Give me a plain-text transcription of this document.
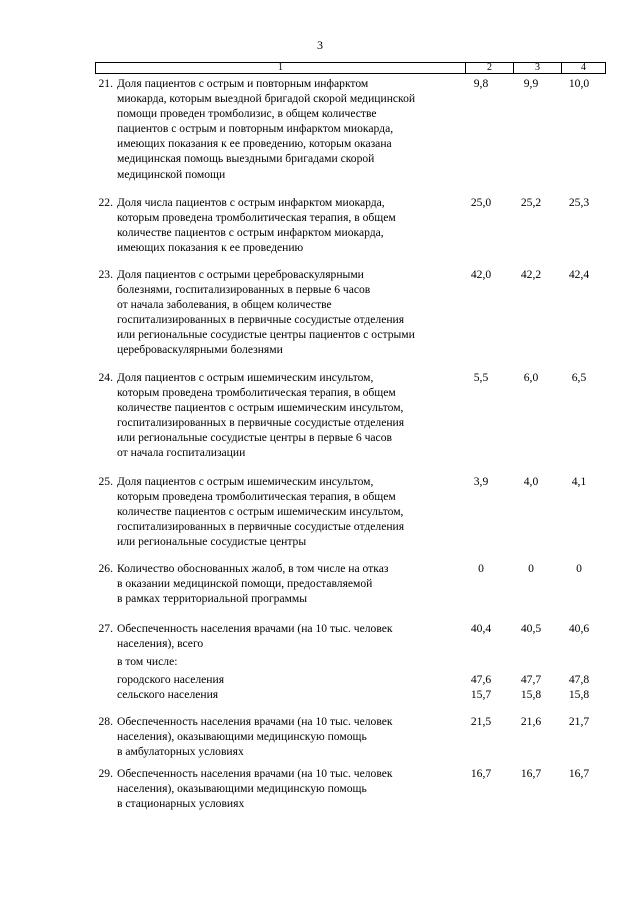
3
1	2	3	4
21. Доля пациентов с острым и повторным инфарктом
миокарда, которым выездной бригадой скорой медицинской
помощи проведен тромболизис, в общем количестве
пациентов с острым и повторным инфарктом миокарда,
имеющих показания к ее проведению, которым оказана
медицинская помощь выездными бригадами скорой
медицинской помощи
9,8	9,9	10,0
22. Доля числа пациентов с острым инфарктом миокарда,
которым проведена тромболитическая терапия, в общем
количестве пациентов с острым инфарктом миокарда,
имеющих показания к ее проведению
25,0	25,2	25,3
23. Доля пациентов с острыми цереброваскулярными
болезнями, госпитализированных в первые 6 часов
от начала заболевания, в общем количестве
госпитализированных в первичные сосудистые отделения
или региональные сосудистые центры пациентов с острыми
цереброваскулярными болезнями
42,0	42,2	42,4
24. Доля пациентов с острым ишемическим инсультом,
которым проведена тромболитическая терапия, в общем
количестве пациентов с острым ишемическим инсультом,
госпитализированных в первичные сосудистые отделения
или региональные сосудистые центры в первые 6 часов
от начала госпитализации
5,5	6,0	6,5
25. Доля пациентов с острым ишемическим инсультом,
которым проведена тромболитическая терапия, в общем
количестве пациентов с острым ишемическим инсультом,
госпитализированных в первичные сосудистые отделения
или региональные сосудистые центры
3,9	4,0	4,1
26. Количество обоснованных жалоб, в том числе на отказ
в оказании медицинской помощи, предоставляемой
в рамках территориальной программы
0	0	0
27. Обеспеченность населения врачами (на 10 тыс. человек
населения), всего
40,4	40,5	40,6
в том числе:
городского населения	47,6	47,7	47,8
сельского населения	15,7	15,8	15,8
28. Обеспеченность населения врачами (на 10 тыс. человек
населения), оказывающими медицинскую помощь
в амбулаторных условиях
21,5	21,6	21,7
29. Обеспеченность населения врачами (на 10 тыс. человек
населения), оказывающими медицинскую помощь
в стационарных условиях
16,7	16,7	16,7
